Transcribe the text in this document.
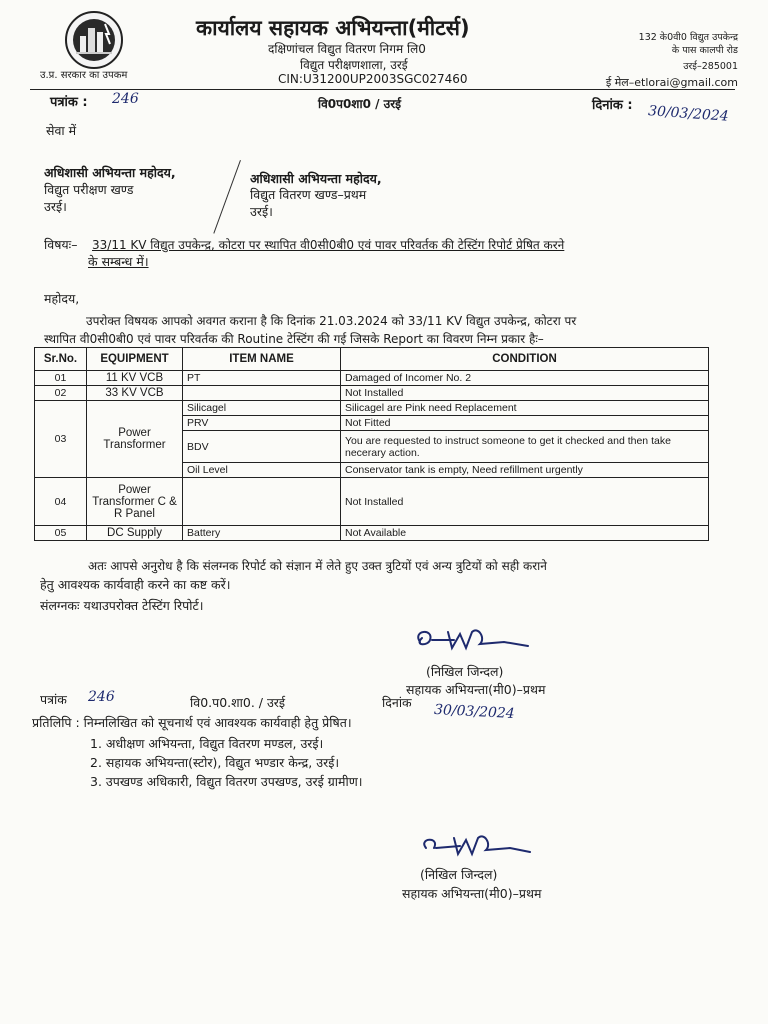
उ.प्र. सरकार का उपकम
कार्यालय सहायक अभियन्ता(मीटर्स)
दक्षिणांचल विद्युत वितरण निगम लि0
विद्युत परीक्षणशाला, उरई
CIN:U31200UP2003SGC027460
132 के0वी0 विद्युत उपकेन्द्र
के पास कालपी रोड
उरई–285001
ई मेल–etlorai@gmail.com
पत्रांक : 246	वि0प0शा0 / उरई	दिनांक : 30/03/2024
सेवा में
अधिशासी अभियन्ता महोदय,
विद्युत परीक्षण खण्ड
उरई।
अधिशासी अभियन्ता महोदय,
विद्युत वितरण खण्ड–प्रथम
उरई।
विषयः– 33/11 KV विद्युत उपकेन्द्र, कोटरा पर स्थापित वी0सी0बी0 एवं पावर परिवर्तक की टेस्टिंग रिपोर्ट प्रेषित करने
के सम्बन्ध में।
महोदय,
उपरोक्त विषयक आपको अवगत कराना है कि दिनांक 21.03.2024 को 33/11 KV विद्युत उपकेन्द्र, कोटरा पर
स्थापित वी0सी0बी0 एवं पावर परिवर्तक की Routine टेस्टिंग की गई जिसके Report का विवरण निम्न प्रकार हैः–
Sr.No.	EQUIPMENT	ITEM NAME	CONDITION
01	11 KV VCB	PT	Damaged of Incomer No. 2
02	33 KV VCB		Not Installed
03	Power Transformer	Silicagel	Silicagel are Pink need Replacement
		PRV	Not Fitted
		BDV	You are requested to instruct someone to get it checked and then take necerary action.
		Oil Level	Conservator tank is empty, Need refillment urgently
04	Power Transformer C & R Panel		Not Installed
05	DC Supply	Battery	Not Available
अतः आपसे अनुरोध है कि संलग्नक रिपोर्ट को संज्ञान में लेते हुए उक्त त्रुटियों एवं अन्य त्रुटियों को सही कराने
हेतु आवश्यक कार्यवाही करने का कष्ट करें।
संलग्नकः यथाउपरोक्त टेस्टिंग रिपोर्ट।
(निखिल जिन्दल)
सहायक अभियन्ता(मी0)–प्रथम
पत्रांक 246	वि0.प0.शा0. / उरई	दिनांक 30/03/2024
प्रतिलिपि : निम्नलिखित को सूचनार्थ एवं आवश्यक कार्यवाही हेतु प्रेषित।
1. अधीक्षण अभियन्ता, विद्युत वितरण मण्डल, उरई।
2. सहायक अभियन्ता(स्टोर), विद्युत भण्डार केन्द्र, उरई।
3. उपखण्ड अधिकारी, विद्युत वितरण उपखण्ड, उरई ग्रामीण।
(निखिल जिन्दल)
सहायक अभियन्ता(मी0)–प्रथम
